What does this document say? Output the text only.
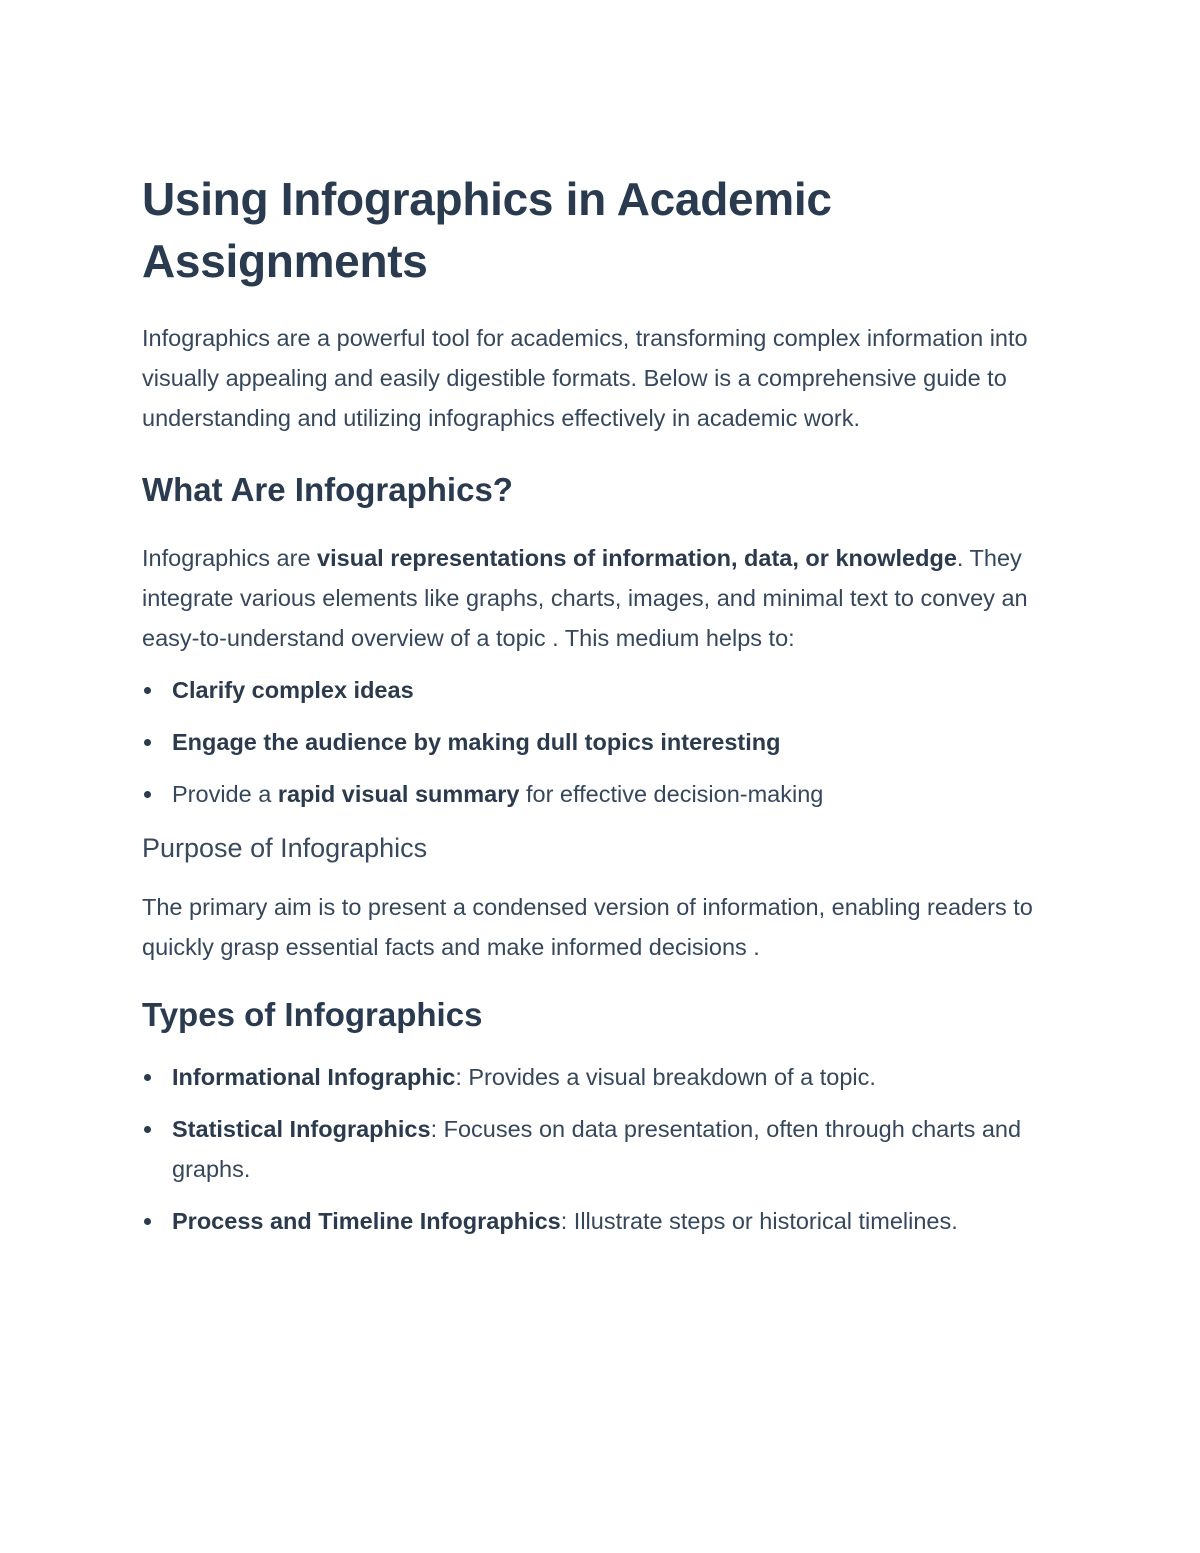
Using Infographics in Academic Assignments

Infographics are a powerful tool for academics, transforming complex information into visually appealing and easily digestible formats. Below is a comprehensive guide to understanding and utilizing infographics effectively in academic work.

What Are Infographics?

Infographics are visual representations of information, data, or knowledge. They integrate various elements like graphs, charts, images, and minimal text to convey an easy-to-understand overview of a topic . This medium helps to:

Clarify complex ideas
Engage the audience by making dull topics interesting
Provide a rapid visual summary for effective decision-making
Purpose of Infographics

The primary aim is to present a condensed version of information, enabling readers to quickly grasp essential facts and make informed decisions .

Types of Infographics
Informational Infographic: Provides a visual breakdown of a topic.
Statistical Infographics: Focuses on data presentation, often through charts and graphs.
Process and Timeline Infographics: Illustrate steps or historical timelines.
